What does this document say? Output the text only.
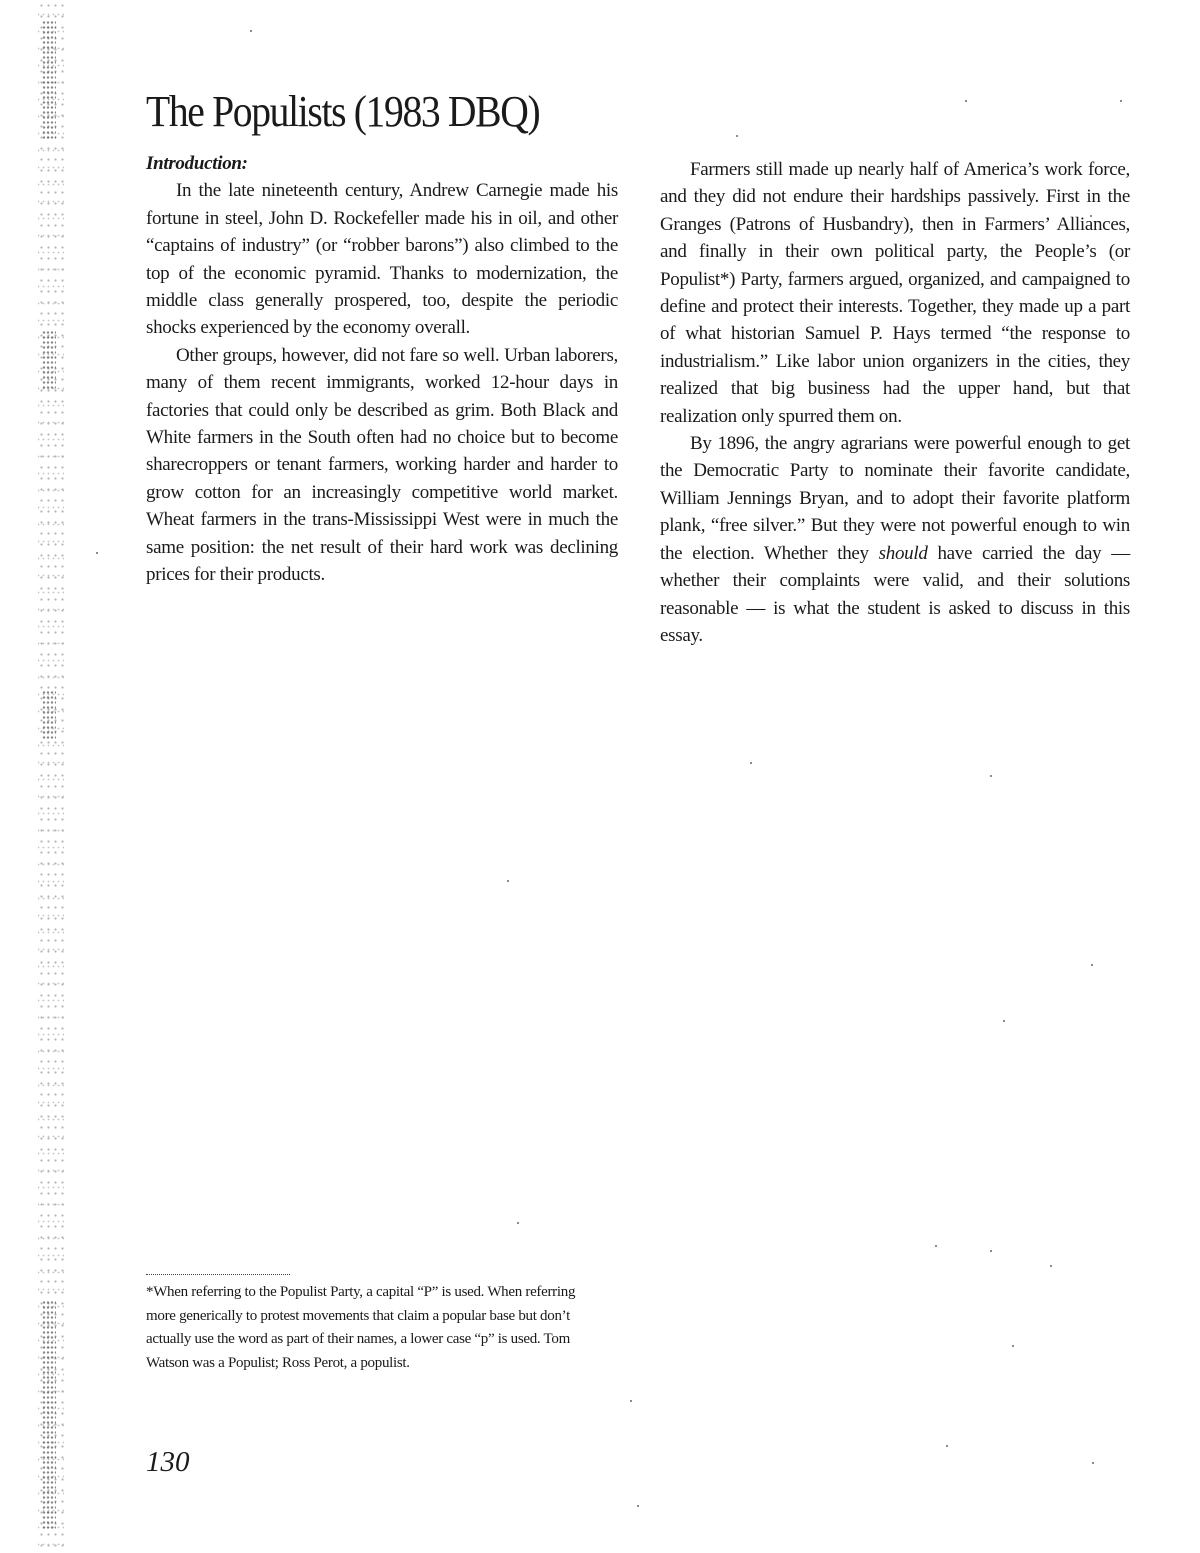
The Populists (1983 DBQ)

Introduction:

In the late nineteenth century, Andrew Carnegie made his fortune in steel, John D. Rockefeller made his in oil, and other “captains of industry” (or “robber barons”) also climbed to the top of the economic pyramid. Thanks to modernization, the middle class generally prospered, too, despite the periodic shocks experienced by the economy overall.

Other groups, however, did not fare so well. Urban laborers, many of them recent immigrants, worked 12-hour days in factories that could only be described as grim. Both Black and White farmers in the South often had no choice but to become sharecroppers or tenant farmers, working harder and harder to grow cotton for an increasingly competitive world market. Wheat farmers in the trans-Mississippi West were in much the same position: the net result of their hard work was declining prices for their products.

Farmers still made up nearly half of America’s work force, and they did not endure their hardships passively. First in the Granges (Patrons of Husbandry), then in Farmers’ Alliances, and finally in their own political party, the People’s (or Populist*) Party, farmers argued, organized, and campaigned to define and protect their interests. Together, they made up a part of what historian Samuel P. Hays termed “the response to industrialism.” Like labor union organizers in the cities, they realized that big business had the upper hand, but that realization only spurred them on.

By 1896, the angry agrarians were powerful enough to get the Democratic Party to nominate their favorite candidate, William Jennings Bryan, and to adopt their favorite platform plank, “free silver.” But they were not powerful enough to win the election. Whether they should have carried the day — whether their complaints were valid, and their solutions reasonable — is what the student is asked to discuss in this essay.

*When referring to the Populist Party, a capital “P” is used. When referring more generically to protest movements that claim a popular base but don’t actually use the word as part of their names, a lower case “p” is used. Tom Watson was a Populist; Ross Perot, a populist.
130
